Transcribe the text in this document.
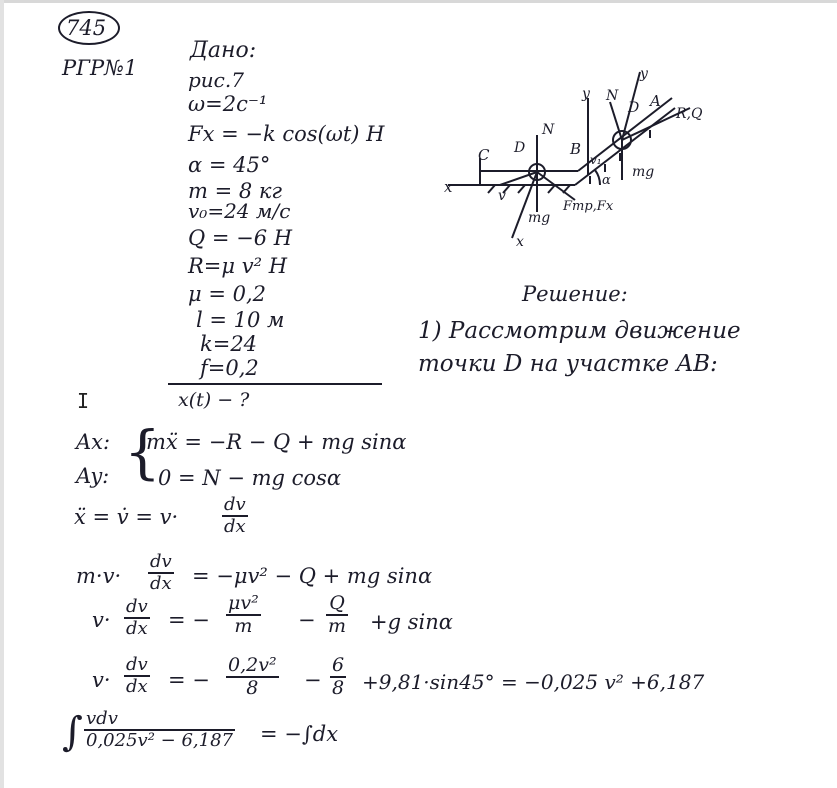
745
РГР№1
Дано:
рис.7
ω=2с⁻¹
Fx = −k cos(ωt) H
α = 45°
m = 8 кг
v₀=24 м/с
Q = −6 H
R=μ v² H
μ = 0,2
l = 10 м
k=24
f=0,2
x(t) − ?
I
C D
N
B
x	v
mg
Fтр,Fx
x
y N
D A
R,Q
mg
y
v₁
α
Решение:
1) Рассмотрим движение
точки D на участке AB:
Ax:
Ay: {
mẍ = −R − Q + mg sinα
0 = N − mg cosα
ẍ = v̇ = $v\cdot \frac{dv}{dx}$
$m\cdot v\cdot \frac{dv}{dx} = -\mu v^2 - Q$ + mg sinα
$v\cdot \frac{dv}{dx}$ = − $\frac{\text{μv²}}{m} - \frac{Q}{m} +g$ sinα
$v\cdot \frac{dv}{dx}$ = − $\frac{\text{0,2v²}}{8} - \frac{6}{8} +9,81\cdot\sin 45^\circ = -0,025$ v² +6,187
∫ vdv
0,025v² − 6,187 = −∫dx
